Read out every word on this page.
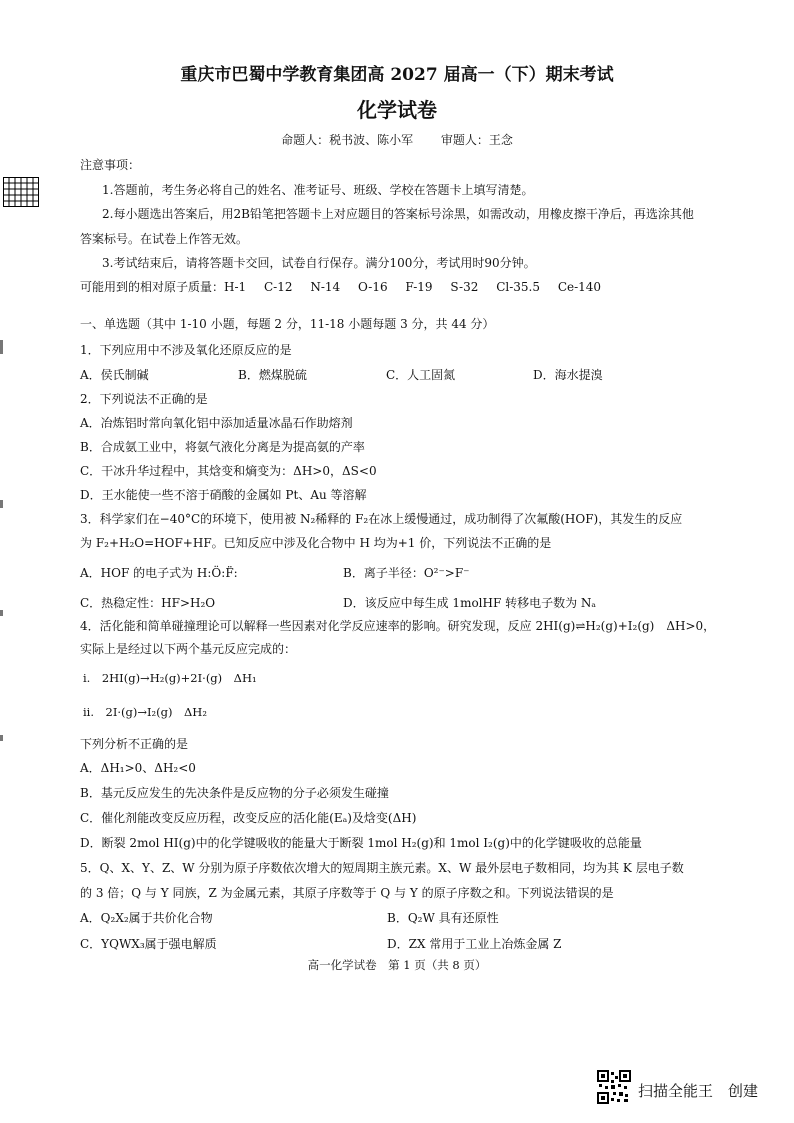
重庆市巴蜀中学教育集团高 2027 届高一（下）期末考试
化学试卷
命题人：税书波、陈小军 审题人：王念
注意事项：
1.答题前，考生务必将自己的姓名、准考证号、班级、学校在答题卡上填写清楚。
2.每小题选出答案后，用2B铅笔把答题卡上对应题目的答案标号涂黑，如需改动，用橡皮擦干净后，再选涂其他
答案标号。在试卷上作答无效。
3.考试结束后，请将答题卡交回，试卷自行保存。满分100分，考试用时90分钟。
可能用到的相对原子质量：H-1 C-12 N-14 O-16 F-19 S-32 Cl-35.5 Ce-140
一、单选题（其中 1-10 小题，每题 2 分，11-18 小题每题 3 分，共 44 分）
1．下列应用中不涉及氧化还原反应的是
A．侯氏制碱	B．燃煤脱硫	C．人工固氮	D．海水提溴
2．下列说法不正确的是
A．冶炼铝时常向氧化铝中添加适量冰晶石作助熔剂
B．合成氨工业中，将氨气液化分离是为提高氨的产率
C．干冰升华过程中，其焓变和熵变为：ΔH>0，ΔS<0
D．王水能使一些不溶于硝酸的金属如 Pt、Au 等溶解
3．科学家们在−40°C的环境下，使用被 N₂稀释的 F₂在冰上缓慢通过，成功制得了次氟酸(HOF)，其发生的反应
为 F₂+H₂O=HOF+HF。已知反应中涉及化合物中 H 均为+1 价，下列说法不正确的是
A．HOF 的电子式为 H:Ö:F̈:	B．离子半径：O²⁻>F⁻
C．热稳定性：HF>H₂O	D．该反应中每生成 1molHF 转移电子数为 Nₐ
4．活化能和简单碰撞理论可以解释一些因素对化学反应速率的影响。研究发现，反应 2HI(g)⇌H₂(g)+I₂(g)　ΔH>0，
实际上是经过以下两个基元反应完成的：
i.　2HI(g)→H₂(g)+2I·(g)　ΔH₁
ii.　2I·(g)→I₂(g)　ΔH₂
下列分析不正确的是
A．ΔH₁>0、ΔH₂<0
B．基元反应发生的先决条件是反应物的分子必须发生碰撞
C．催化剂能改变反应历程，改变反应的活化能(Eₐ)及焓变(ΔH)
D．断裂 2mol HI(g)中的化学键吸收的能量大于断裂 1mol H₂(g)和 1mol I₂(g)中的化学键吸收的总能量
5．Q、X、Y、Z、W 分别为原子序数依次增大的短周期主族元素。X、W 最外层电子数相同，均为其 K 层电子数
的 3 倍；Q 与 Y 同族，Z 为金属元素，其原子序数等于 Q 与 Y 的原子序数之和。下列说法错误的是
A．Q₂X₂属于共价化合物	B．Q₂W 具有还原性
C．YQWX₃属于强电解质	D．ZX 常用于工业上冶炼金属 Z
高一化学试卷　第 1 页（共 8 页）
扫描全能王　创建
